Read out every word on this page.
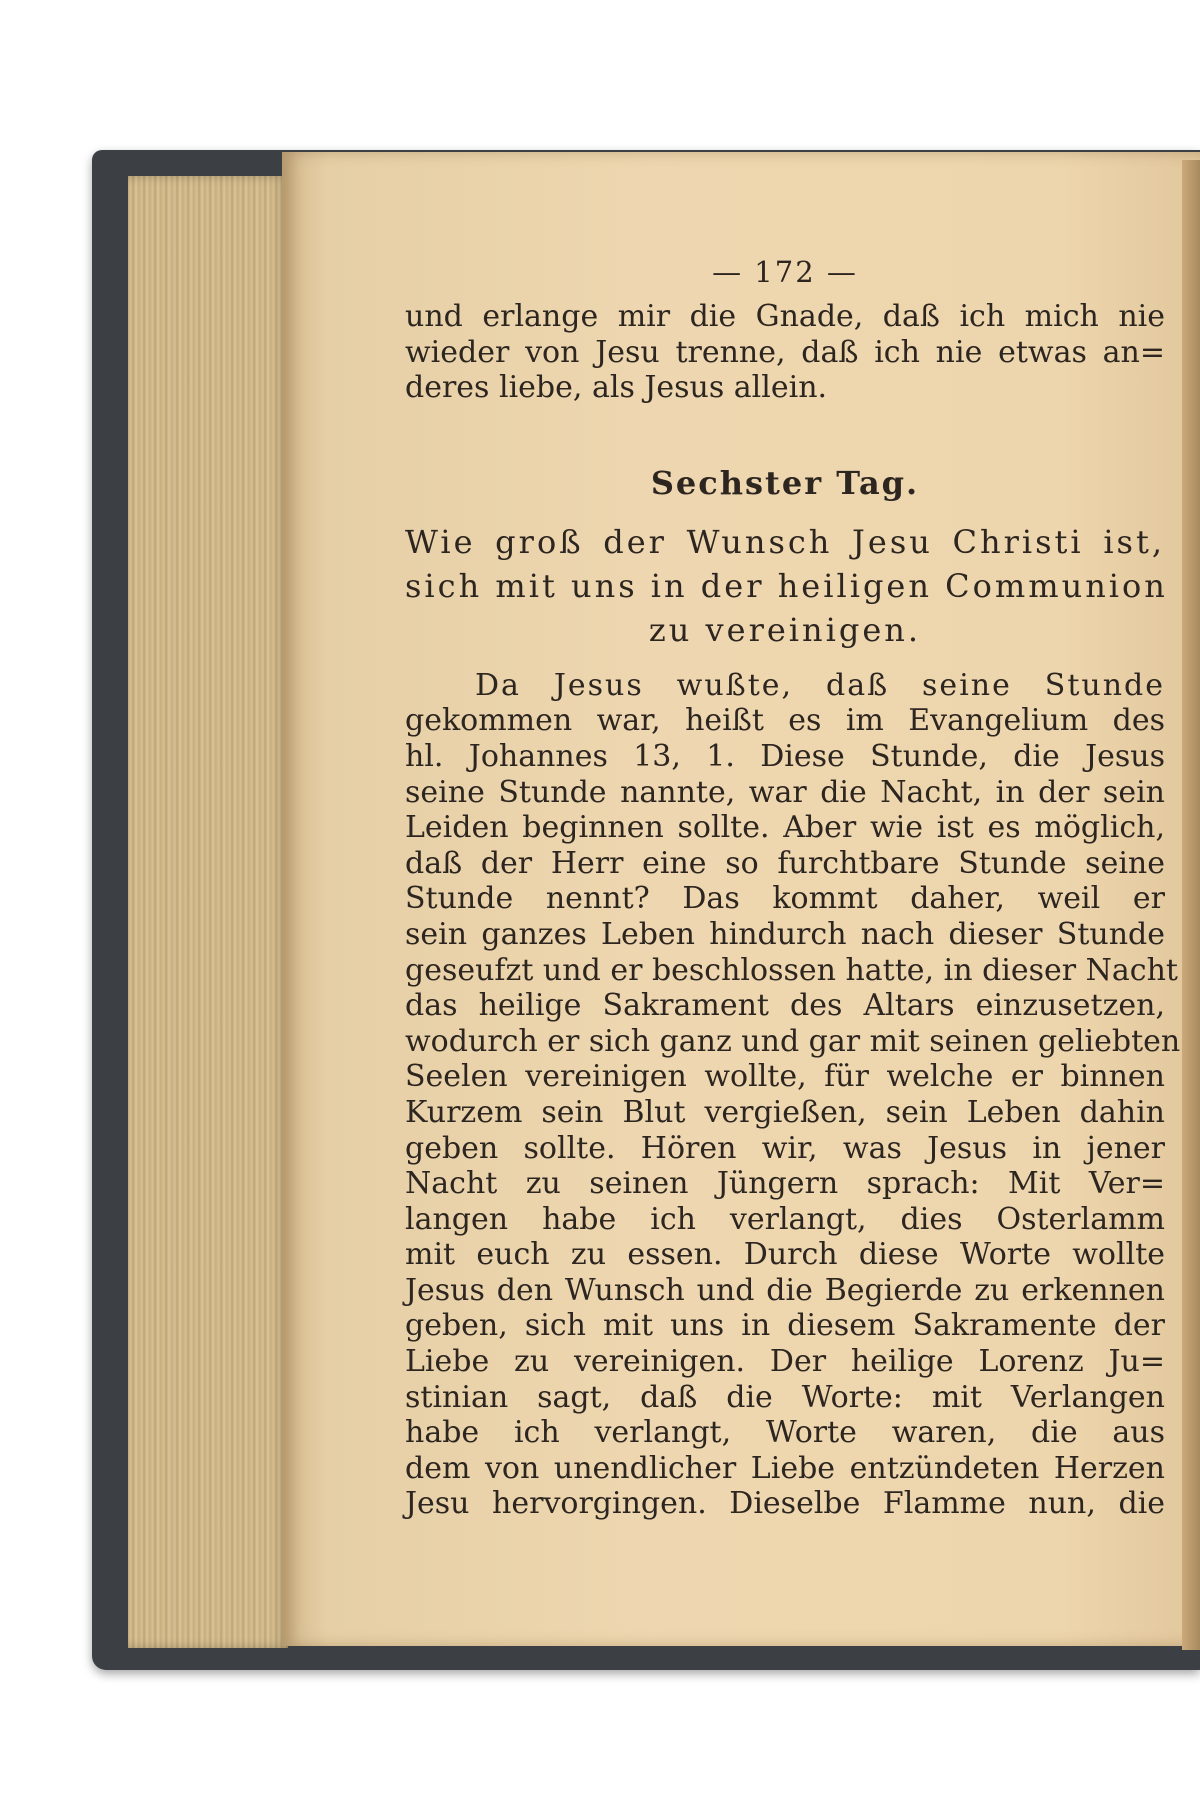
— 172 —

und erlange mir die Gnade, daß ich mich nie

wieder von Jesu trenne, daß ich nie etwas an=

deres liebe, als Jesus allein.

Sechster Tag.

Wie groß der Wunsch Jesu Christi ist,

sich mit uns in der heiligen Communion

zu vereinigen.

Da Jesus wußte, daß seine Stunde

gekommen war, heißt es im Evangelium des

hl. Johannes 13, 1. Diese Stunde, die Jesus

seine Stunde nannte, war die Nacht, in der sein

Leiden beginnen sollte. Aber wie ist es möglich,

daß der Herr eine so furchtbare Stunde seine

Stunde nennt? Das kommt daher, weil er

sein ganzes Leben hindurch nach dieser Stunde

geseufzt und er beschlossen hatte, in dieser Nacht

das heilige Sakrament des Altars einzusetzen,

wodurch er sich ganz und gar mit seinen geliebten

Seelen vereinigen wollte, für welche er binnen

Kurzem sein Blut vergießen, sein Leben dahin

geben sollte. Hören wir, was Jesus in jener

Nacht zu seinen Jüngern sprach: Mit Ver=

langen habe ich verlangt, dies Osterlamm

mit euch zu essen. Durch diese Worte wollte

Jesus den Wunsch und die Begierde zu erkennen

geben, sich mit uns in diesem Sakramente der

Liebe zu vereinigen. Der heilige Lorenz Ju=

stinian sagt, daß die Worte: mit Verlangen

habe ich verlangt, Worte waren, die aus

dem von unendlicher Liebe entzündeten Herzen

Jesu hervorgingen. Dieselbe Flamme nun, die
